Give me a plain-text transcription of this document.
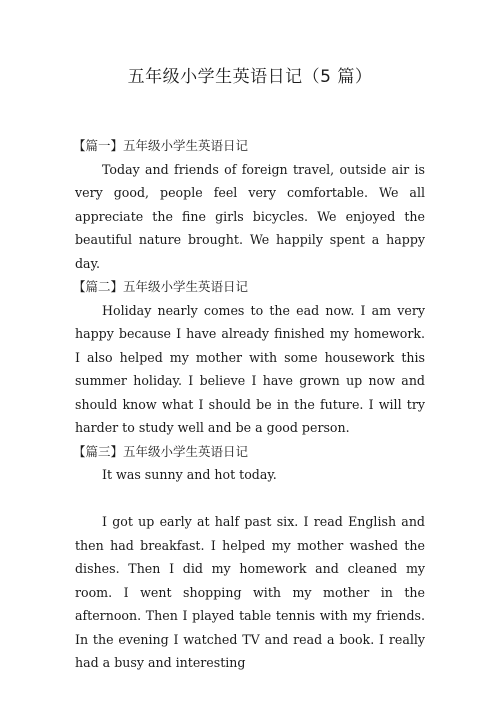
五年级小学生英语日记（5 篇）
【篇一】五年级小学生英语日记

Today and friends of foreign travel, outside air is very good, people feel very comfortable. We all appreciate the fine girls bicycles. We enjoyed the beautiful nature brought. We happily spent a happy day.

【篇二】五年级小学生英语日记

Holiday nearly comes to the ead now. I am very happy because I have already finished my homework. I also helped my mother with some housework this summer holiday. I believe I have grown up now and should know what I should be in the future. I will try harder to study well and be a good person.

【篇三】五年级小学生英语日记

It was sunny and hot today.

I got up early at half past six. I read English and then had breakfast. I helped my mother washed the dishes. Then I did my homework and cleaned my room. I went shopping with my mother in the afternoon. Then I played table tennis with my friends. In the evening I watched TV and read a book. I really had a busy and interesting
